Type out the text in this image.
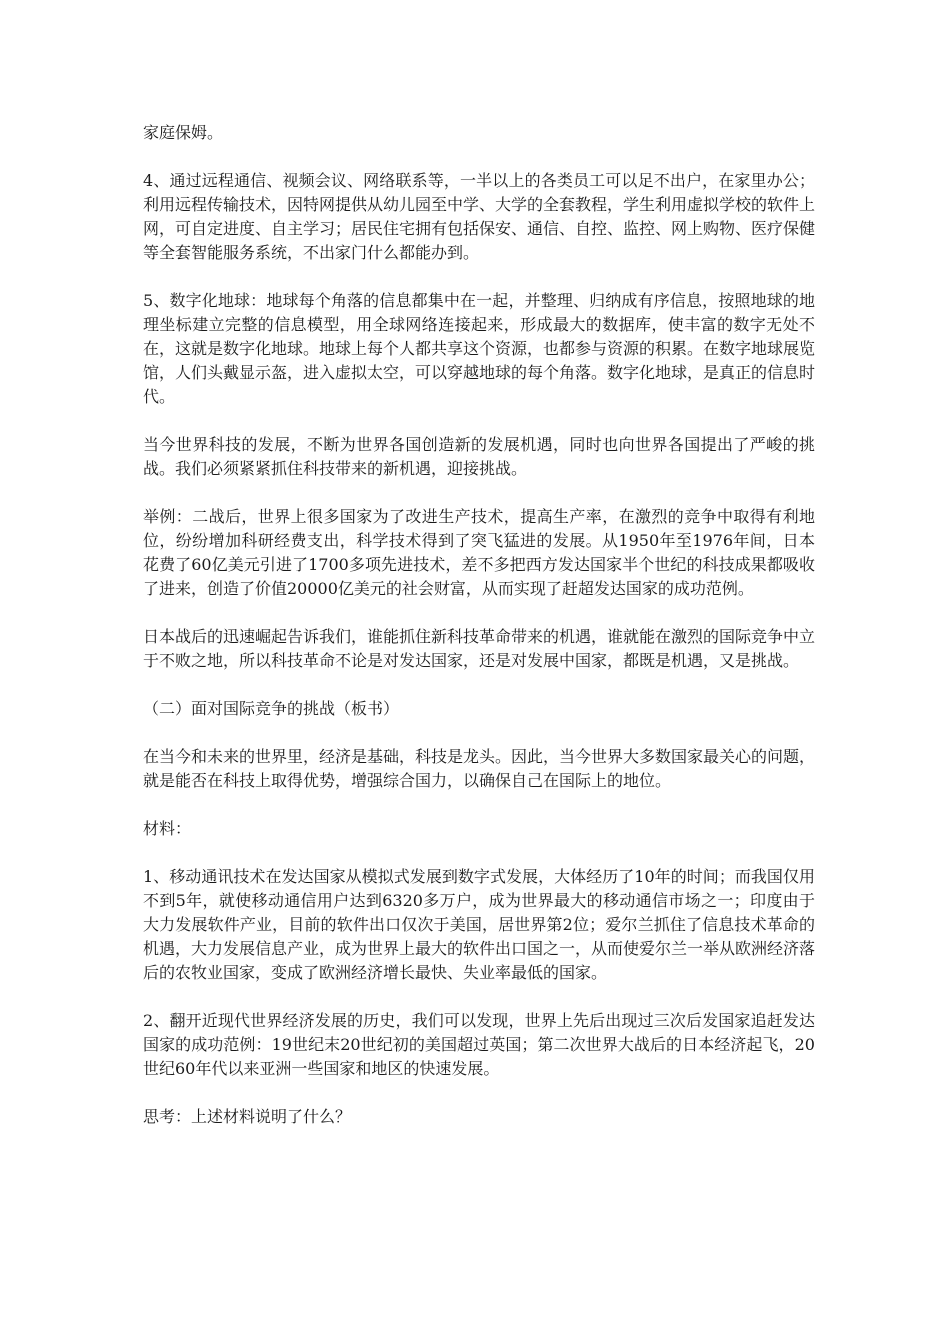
家庭保姆。

4、通过远程通信、视频会议、网络联系等，一半以上的各类员工可以足不出户，在家里办公；利用远程传输技术，因特网提供从幼儿园至中学、大学的全套教程，学生利用虚拟学校的软件上网，可自定进度、自主学习；居民住宅拥有包括保安、通信、自控、监控、网上购物、医疗保健等全套智能服务系统，不出家门什么都能办到。

5、数字化地球：地球每个角落的信息都集中在一起，并整理、归纳成有序信息，按照地球的地理坐标建立完整的信息模型，用全球网络连接起来，形成最大的数据库，使丰富的数字无处不在，这就是数字化地球。地球上每个人都共享这个资源，也都参与资源的积累。在数字地球展览馆，人们头戴显示盔，进入虚拟太空，可以穿越地球的每个角落。数字化地球，是真正的信息时代。

当今世界科技的发展，不断为世界各国创造新的发展机遇，同时也向世界各国提出了严峻的挑战。我们必须紧紧抓住科技带来的新机遇，迎接挑战。

举例：二战后，世界上很多国家为了改进生产技术，提高生产率，在激烈的竞争中取得有利地位，纷纷增加科研经费支出，科学技术得到了突飞猛进的发展。从1950年至1976年间，日本花费了60亿美元引进了1700多项先进技术，差不多把西方发达国家半个世纪的科技成果都吸收了进来，创造了价值20000亿美元的社会财富，从而实现了赶超发达国家的成功范例。

日本战后的迅速崛起告诉我们，谁能抓住新科技革命带来的机遇，谁就能在激烈的国际竞争中立于不败之地，所以科技革命不论是对发达国家，还是对发展中国家，都既是机遇，又是挑战。

（二）面对国际竞争的挑战（板书）

在当今和未来的世界里，经济是基础，科技是龙头。因此，当今世界大多数国家最关心的问题，就是能否在科技上取得优势，增强综合国力，以确保自己在国际上的地位。

材料：

1、移动通讯技术在发达国家从模拟式发展到数字式发展，大体经历了10年的时间；而我国仅用不到5年，就使移动通信用户达到6320多万户，成为世界最大的移动通信市场之一；印度由于大力发展软件产业，目前的软件出口仅次于美国，居世界第2位；爱尔兰抓住了信息技术革命的机遇，大力发展信息产业，成为世界上最大的软件出口国之一，从而使爱尔兰一举从欧洲经济落后的农牧业国家，变成了欧洲经济增长最快、失业率最低的国家。

2、翻开近现代世界经济发展的历史，我们可以发现，世界上先后出现过三次后发国家追赶发达国家的成功范例：19世纪末20世纪初的美国超过英国；第二次世界大战后的日本经济起飞，20世纪60年代以来亚洲一些国家和地区的快速发展。

思考：上述材料说明了什么？
